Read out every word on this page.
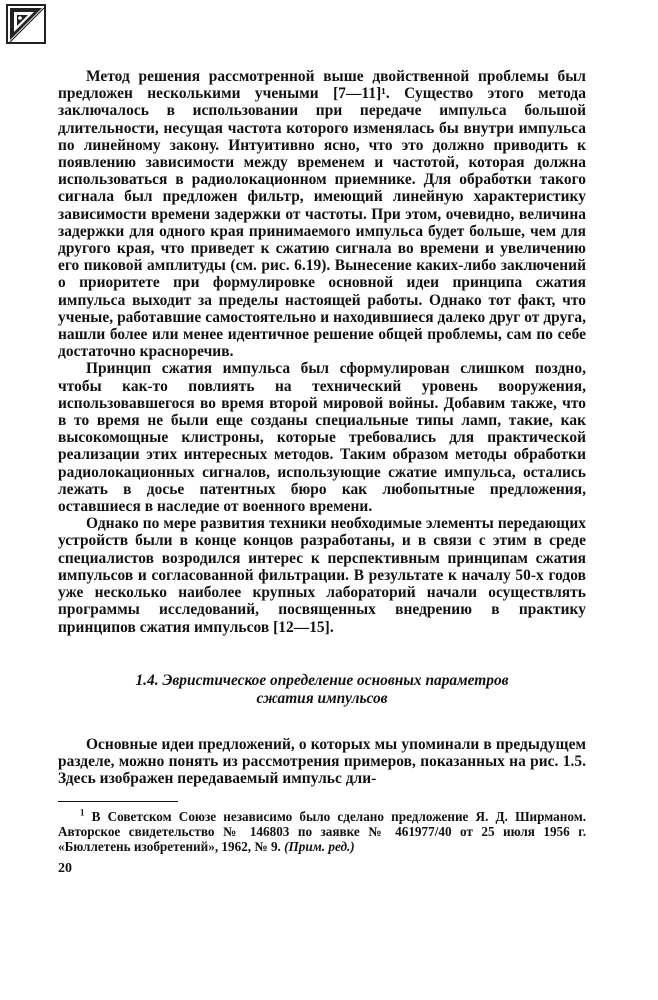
Метод решения рассмотренной выше двойственной проблемы был предложен несколькими учеными [7—11]¹. Существо этого метода заключалось в использовании при передаче импульса большой длительности, несущая частота которого изменялась бы внутри импульса по линейному закону. Интуитивно ясно, что это должно приводить к появлению зависимости между временем и частотой, которая должна использоваться в радиолокационном приемнике. Для обработки такого сигнала был предложен фильтр, имеющий линейную характеристику зависимости времени задержки от частоты. При этом, очевидно, величина задержки для одного края принимаемого импульса будет больше, чем для другого края, что приведет к сжатию сигнала во времени и увеличению его пиковой амплитуды (см. рис. 6.19). Вынесение каких-либо заключений о приоритете при формулировке основной идеи принципа сжатия импульса выходит за пределы настоящей работы. Однако тот факт, что ученые, работавшие самостоятельно и находившиеся далеко друг от друга, нашли более или менее идентичное решение общей проблемы, сам по себе достаточно красноречив.

Принцип сжатия импульса был сформулирован слишком поздно, чтобы как-то повлиять на технический уровень вооружения, использовавшегося во время второй мировой войны. Добавим также, что в то время не были еще созданы специальные типы ламп, такие, как высокомощные клистроны, которые требовались для практической реализации этих интересных методов. Таким образом методы обработки радиолокационных сигналов, использующие сжатие импульса, остались лежать в досье патентных бюро как любопытные предложения, оставшиеся в наследие от военного времени.

Однако по мере развития техники необходимые элементы передающих устройств были в конце концов разработаны, и в связи с этим в среде специалистов возродился интерес к перспективным принципам сжатия импульсов и согласованной фильтрации. В результате к началу 50-х годов уже несколько наиболее крупных лабораторий начали осуществлять программы исследований, посвященных внедрению в практику принципов сжатия импульсов [12—15].

1.4. Эвристическое определение основных параметров
сжатия импульсов

Основные идеи предложений, о которых мы упоминали в предыдущем разделе, можно понять из рассмотрения примеров, показанных на рис. 1.5. Здесь изображен передаваемый импульс дли-

$^1$ В Советском Союзе независимо было сделано предложение Я. Д. Ширманом. Авторское свидетельство № 146803 по заявке № 461977/40 от 25 июля 1956 г. «Бюллетень изобретений», 1962, № 9. (Прим. ред.)

20
